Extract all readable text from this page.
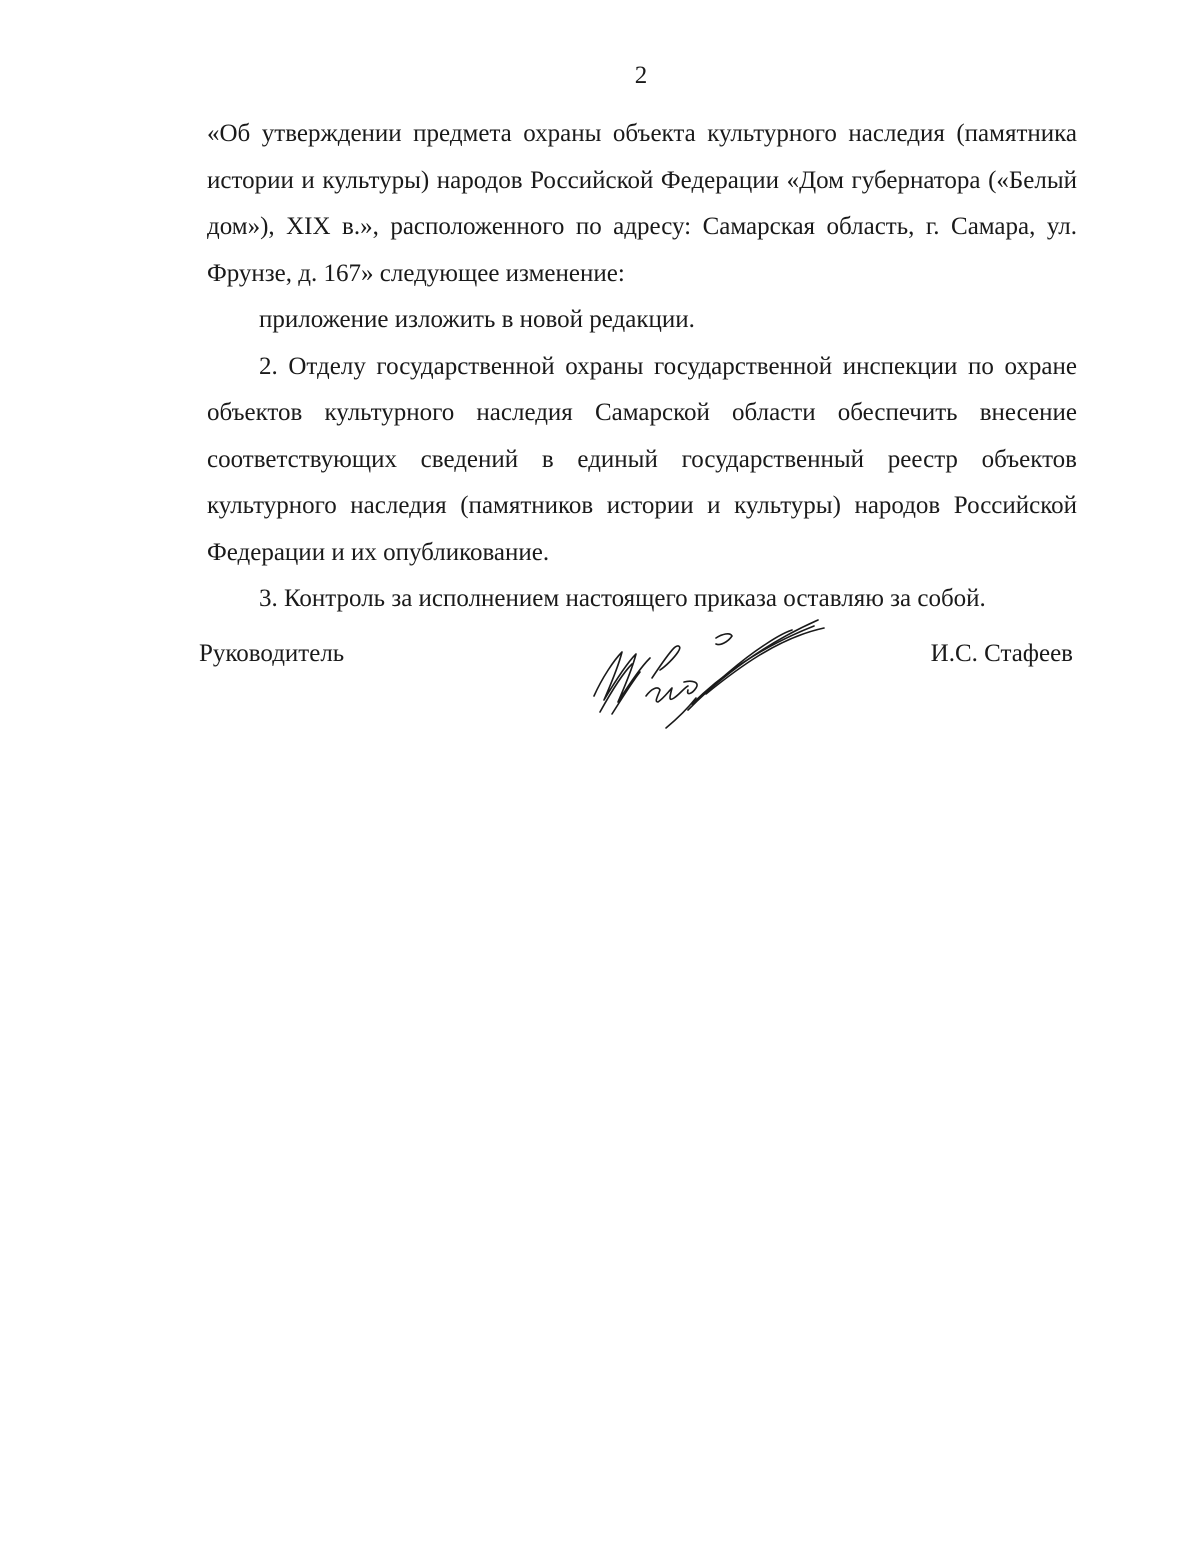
2

«Об утверждении предмета охраны объекта культурного наследия (памятника истории и культуры) народов Российской Федерации «Дом губернатора («Белый дом»), XIX в.», расположенного по адресу: Самарская область, г. Самара, ул. Фрунзе, д. 167» следующее изменение:

приложение изложить в новой редакции.

2. Отделу государственной охраны государственной инспекции по охране объектов культурного наследия Самарской области обеспечить внесение соответствующих сведений в единый государственный реестр объектов культурного наследия (памятников истории и культуры) народов Российской Федерации и их опубликование.

3. Контроль за исполнением настоящего приказа оставляю за собой.

Руководитель	И.С. Стафеев
